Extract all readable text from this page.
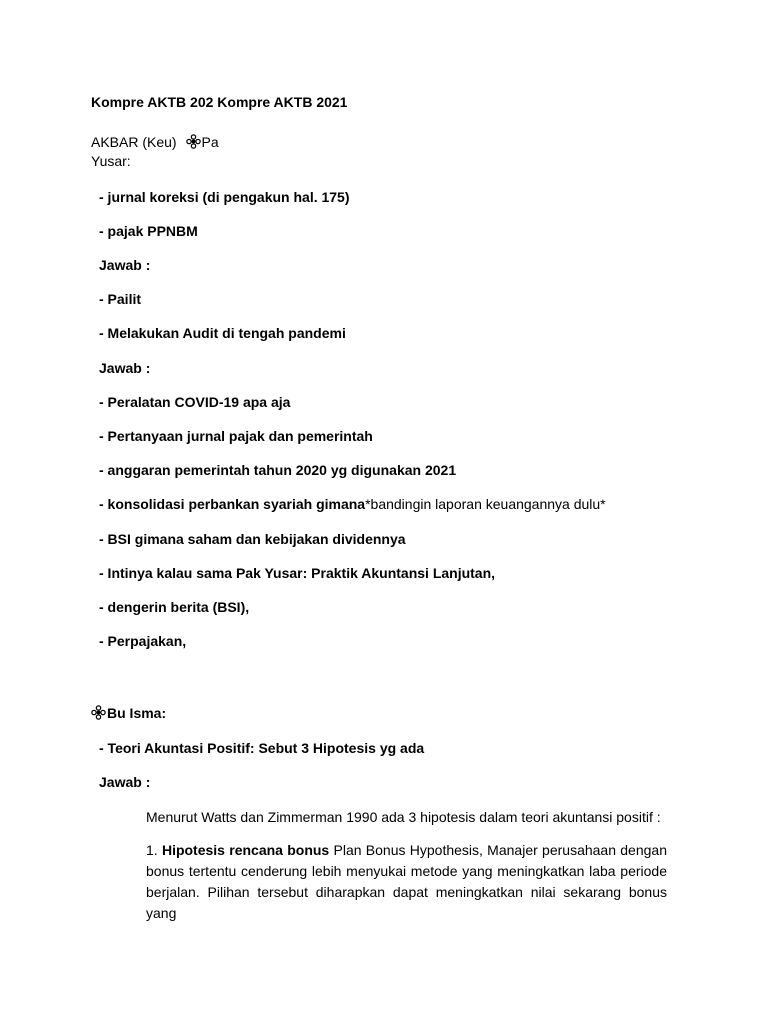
Kompre AKTB 202 Kompre AKTB 2021
AKBAR (Keu) Pa
Yusar:
- jurnal koreksi (di pengakun hal. 175)
- pajak PPNBM
Jawab :
- Pailit
- Melakukan Audit di tengah pandemi
Jawab :
- Peralatan COVID-19 apa aja
- Pertanyaan jurnal pajak dan pemerintah
- anggaran pemerintah tahun 2020 yg digunakan 2021
- konsolidasi perbankan syariah gimana*bandingin laporan keuangannya dulu*
- BSI gimana saham dan kebijakan dividennya
- Intinya kalau sama Pak Yusar: Praktik Akuntansi Lanjutan,
- dengerin berita (BSI),
- Perpajakan,
Bu Isma:
- Teori Akuntasi Positif: Sebut 3 Hipotesis yg ada
Jawab :
Menurut Watts dan Zimmerman 1990 ada 3 hipotesis dalam teori akuntansi positif :
1. Hipotesis rencana bonus Plan Bonus Hypothesis, Manajer perusahaan dengan bonus tertentu cenderung lebih menyukai metode yang meningkatkan laba periode berjalan. Pilihan tersebut diharapkan dapat meningkatkan nilai sekarang bonus yang
